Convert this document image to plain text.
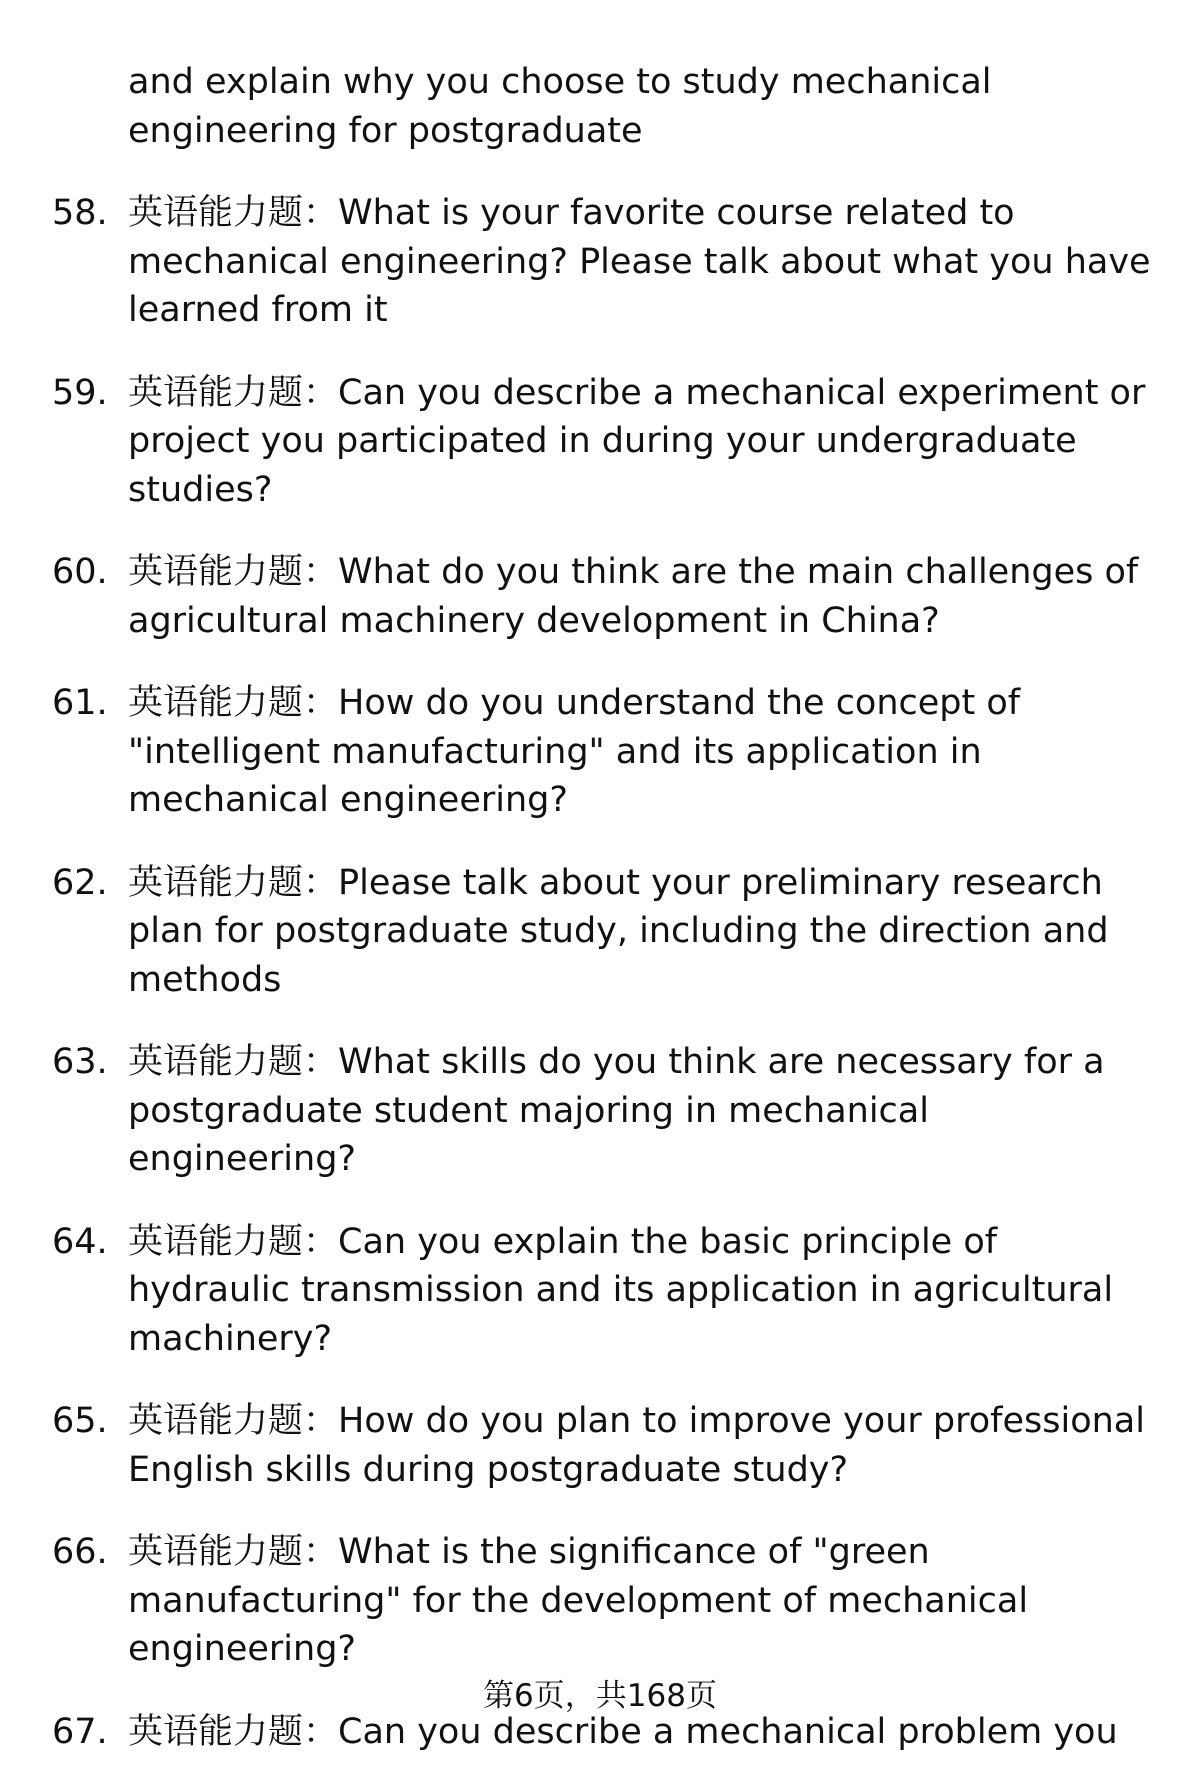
and explain why you choose to study mechanical engineering for postgraduate
58. 英语能力题：What is your favorite course related to mechanical engineering? Please talk about what you have learned from it
59. 英语能力题：Can you describe a mechanical experiment or project you participated in during your undergraduate studies?
60. 英语能力题：What do you think are the main challenges of agricultural machinery development in China?
61. 英语能力题：How do you understand the concept of "intelligent manufacturing" and its application in mechanical engineering?
62. 英语能力题：Please talk about your preliminary research plan for postgraduate study, including the direction and methods
63. 英语能力题：What skills do you think are necessary for a postgraduate student majoring in mechanical engineering?
64. 英语能力题：Can you explain the basic principle of hydraulic transmission and its application in agricultural machinery?
65. 英语能力题：How do you plan to improve your professional English skills during postgraduate study?
66. 英语能力题：What is the significance of "green manufacturing" for the development of mechanical engineering?
67. 英语能力题：Can you describe a mechanical problem you
第6页，共168页
